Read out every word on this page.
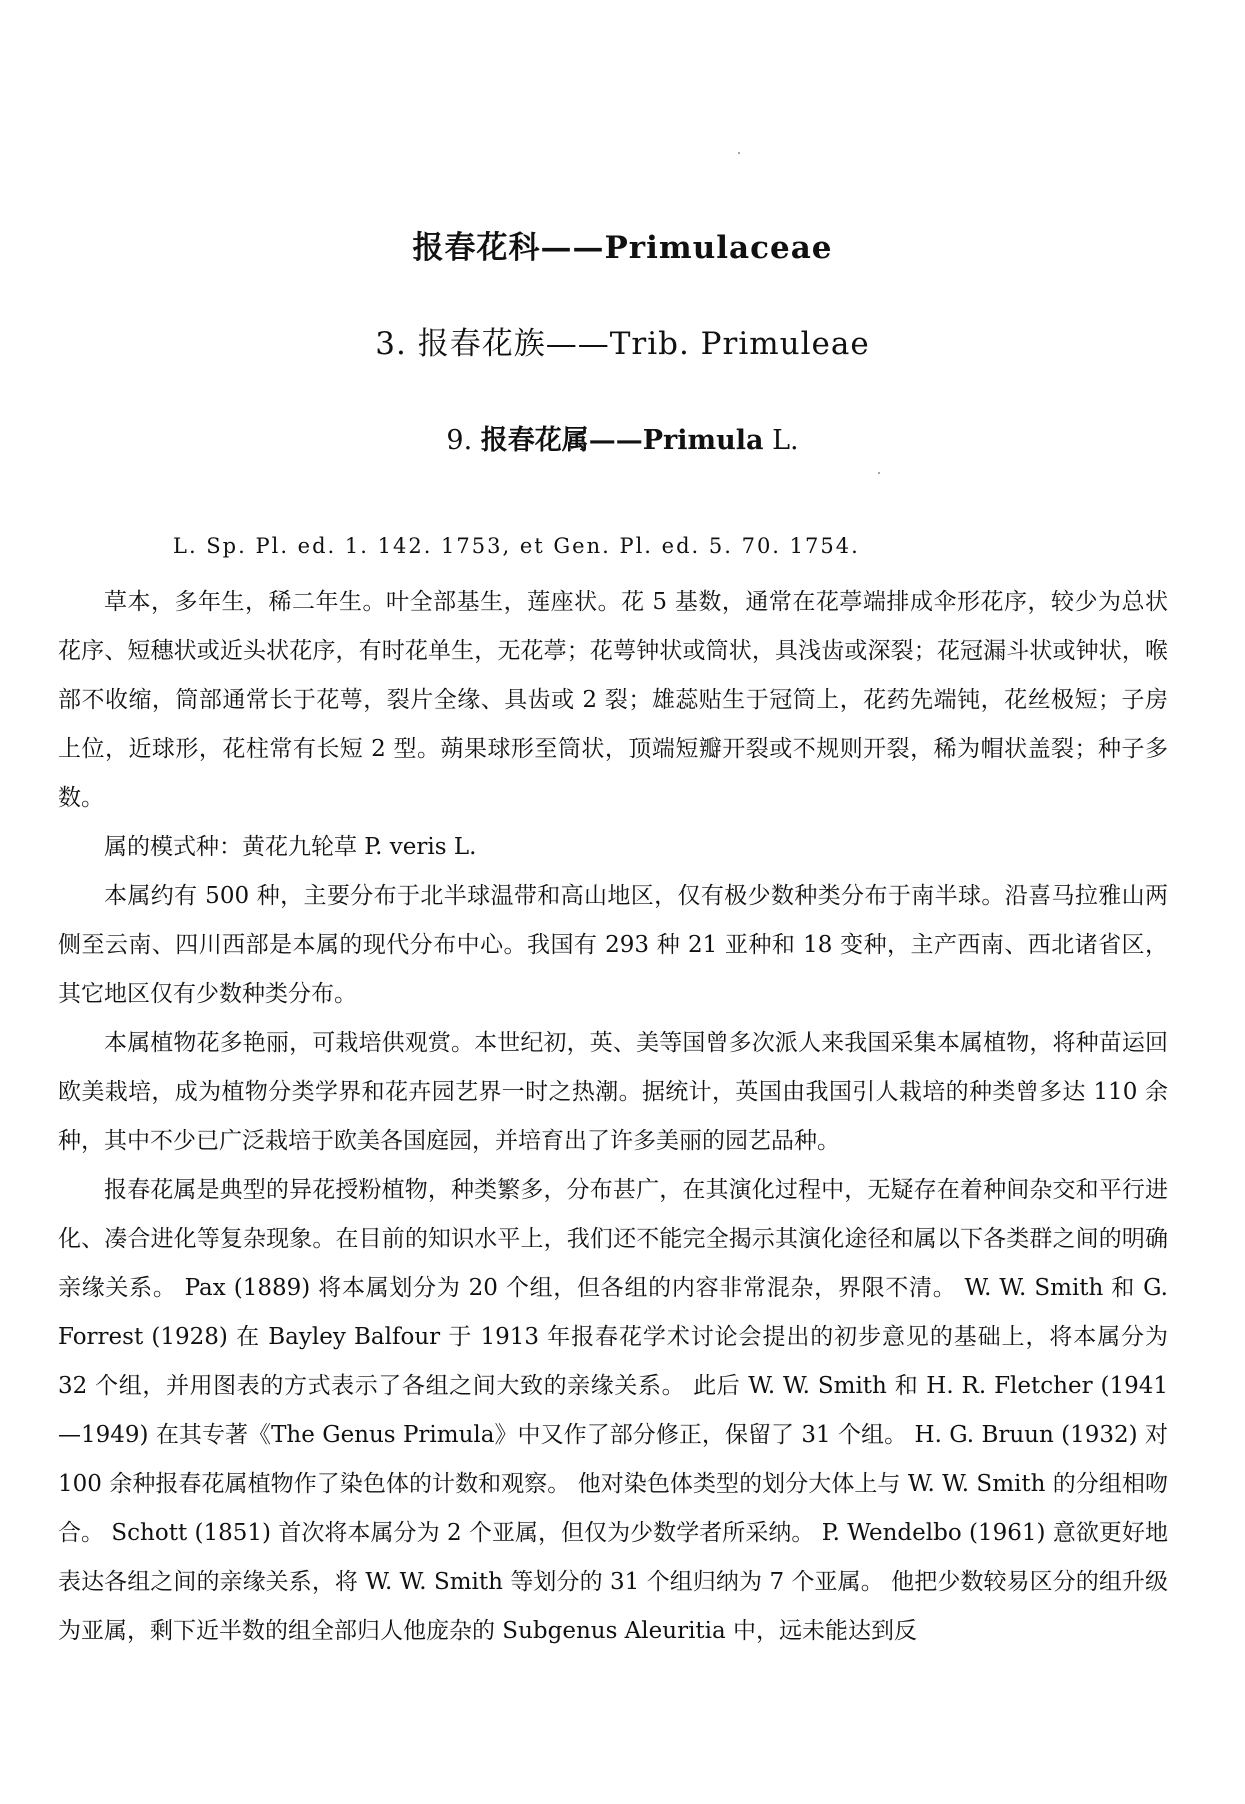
报春花科——Primulaceae
3. 报春花族——Trib. Primuleae
9. 报春花属——Primula L.
L. Sp. Pl. ed. 1. 142. 1753, et Gen. Pl. ed. 5. 70. 1754.

草本，多年生，稀二年生。叶全部基生，莲座状。花 5 基数，通常在花葶端排成伞形花序，较少为总状花序、短穗状或近头状花序，有时花单生，无花葶；花萼钟状或筒状，具浅齿或深裂；花冠漏斗状或钟状，喉部不收缩，筒部通常长于花萼，裂片全缘、具齿或 2 裂；雄蕊贴生于冠筒上，花药先端钝，花丝极短；子房上位，近球形，花柱常有长短 2 型。蒴果球形至筒状，顶端短瓣开裂或不规则开裂，稀为帽状盖裂；种子多数。

属的模式种：黄花九轮草 P. veris L.

本属约有 500 种，主要分布于北半球温带和高山地区，仅有极少数种类分布于南半球。沿喜马拉雅山两侧至云南、四川西部是本属的现代分布中心。我国有 293 种 21 亚种和 18 变种，主产西南、西北诸省区，其它地区仅有少数种类分布。

本属植物花多艳丽，可栽培供观赏。本世纪初，英、美等国曾多次派人来我国采集本属植物，将种苗运回欧美栽培，成为植物分类学界和花卉园艺界一时之热潮。据统计，英国由我国引人栽培的种类曾多达 110 余种，其中不少已广泛栽培于欧美各国庭园，并培育出了许多美丽的园艺品种。

报春花属是典型的异花授粉植物，种类繁多，分布甚广，在其演化过程中，无疑存在着种间杂交和平行进化、凑合进化等复杂现象。在目前的知识水平上，我们还不能完全揭示其演化途径和属以下各类群之间的明确亲缘关系。 Pax (1889) 将本属划分为 20 个组，但各组的内容非常混杂，界限不清。 W. W. Smith 和 G. Forrest (1928) 在 Bayley Balfour 于 1913 年报春花学术讨论会提出的初步意见的基础上，将本属分为 32 个组，并用图表的方式表示了各组之间大致的亲缘关系。 此后 W. W. Smith 和 H. R. Fletcher (1941—1949) 在其专著《The Genus Primula》中又作了部分修正，保留了 31 个组。 H. G. Bruun (1932) 对 100 余种报春花属植物作了染色体的计数和观察。 他对染色体类型的划分大体上与 W. W. Smith 的分组相吻合。 Schott (1851) 首次将本属分为 2 个亚属，但仅为少数学者所采纳。 P. Wendelbo (1961) 意欲更好地表达各组之间的亲缘关系，将 W. W. Smith 等划分的 31 个组归纳为 7 个亚属。 他把少数较易区分的组升级为亚属，剩下近半数的组全部归人他庞杂的 Subgenus Aleuritia 中，远未能达到反
